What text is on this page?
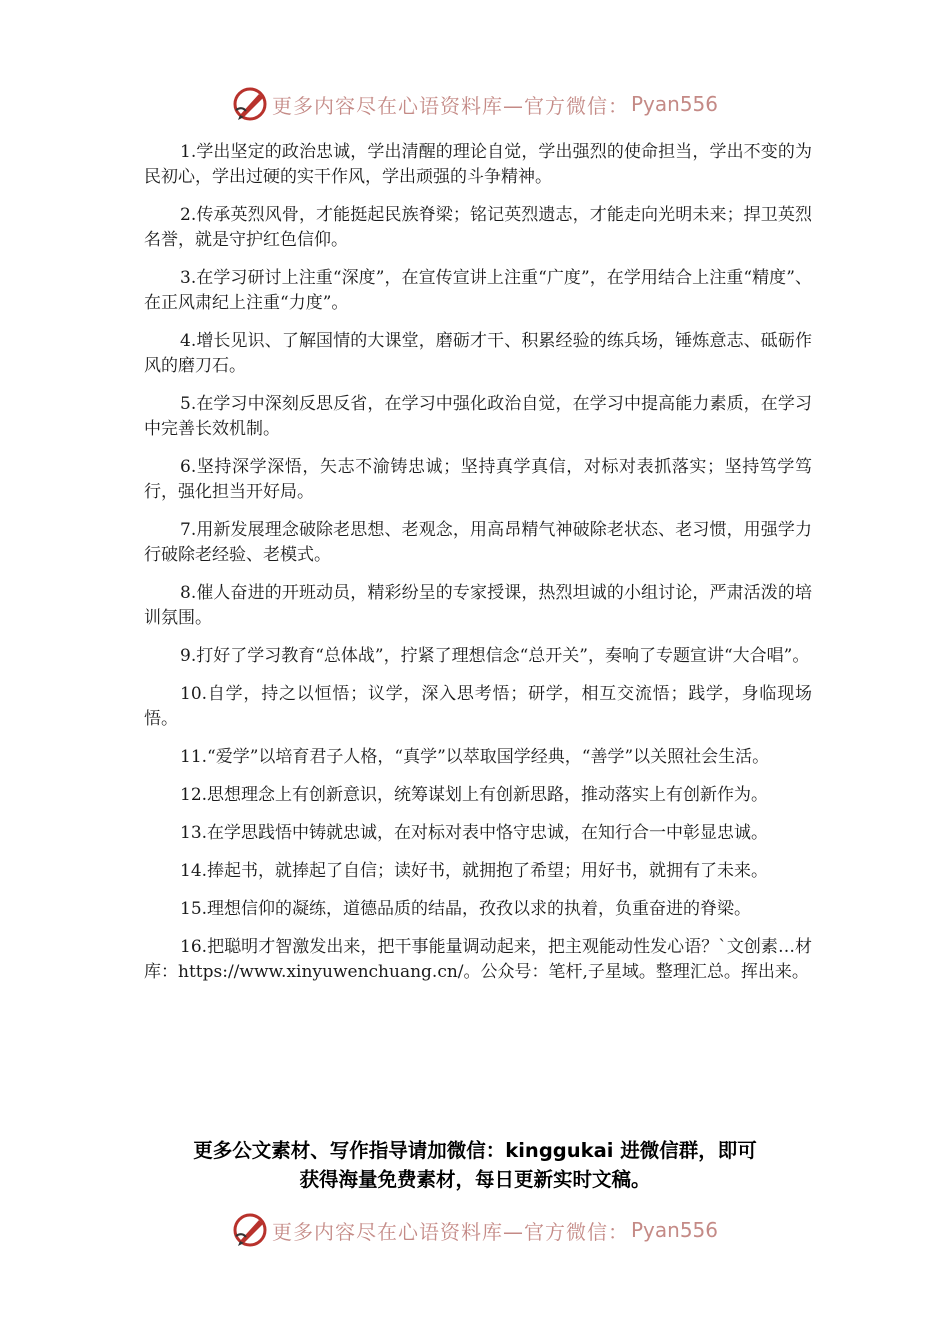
更多内容尽在心语资料库—官方微信： Pyan556

1.学出坚定的政治忠诚，学出清醒的理论自觉，学出强烈的使命担当，学出不变的为民初心，学出过硬的实干作风，学出顽强的斗争精神。

2.传承英烈风骨，才能挺起民族脊梁；铭记英烈遗志，才能走向光明未来；捍卫英烈名誉，就是守护红色信仰。

3.在学习研讨上注重“深度”，在宣传宣讲上注重“广度”，在学用结合上注重“精度”、在正风肃纪上注重“力度”。

4.增长见识、了解国情的大课堂，磨砺才干、积累经验的练兵场，锤炼意志、砥砺作风的磨刀石。

5.在学习中深刻反思反省，在学习中强化政治自觉，在学习中提高能力素质，在学习中完善长效机制。

6.坚持深学深悟，矢志不渝铸忠诚；坚持真学真信，对标对表抓落实；坚持笃学笃行，强化担当开好局。

7.用新发展理念破除老思想、老观念，用高昂精气神破除老状态、老习惯，用强学力行破除老经验、老模式。

8.催人奋进的开班动员，精彩纷呈的专家授课，热烈坦诚的小组讨论，严肃活泼的培训氛围。

9.打好了学习教育“总体战”，拧紧了理想信念“总开关”，奏响了专题宣讲“大合唱”。

10.自学，持之以恒悟；议学，深入思考悟；研学，相互交流悟；践学，身临现场悟。

11.“爱学”以培育君子人格，“真学”以萃取国学经典，“善学”以关照社会生活。

12.思想理念上有创新意识，统筹谋划上有创新思路，推动落实上有创新作为。

13.在学思践悟中铸就忠诚，在对标对表中恪守忠诚，在知行合一中彰显忠诚。

14.捧起书，就捧起了自信；读好书，就拥抱了希望；用好书，就拥有了未来。

15.理想信仰的凝练，道德品质的结晶，孜孜以求的执着，负重奋进的脊梁。

16.把聪明才智激发出来，把干事能量调动起来，把主观能动性发心语？`文创素…材库：https://www.xinyuwenchuang.cn/。公众号：笔杆,子星域。整理汇总。挥出来。

更多公文素材、写作指导请加微信：kinggukai 进微信群，即可
获得海量免费素材，每日更新实时文稿。
更多内容尽在心语资料库—官方微信： Pyan556
